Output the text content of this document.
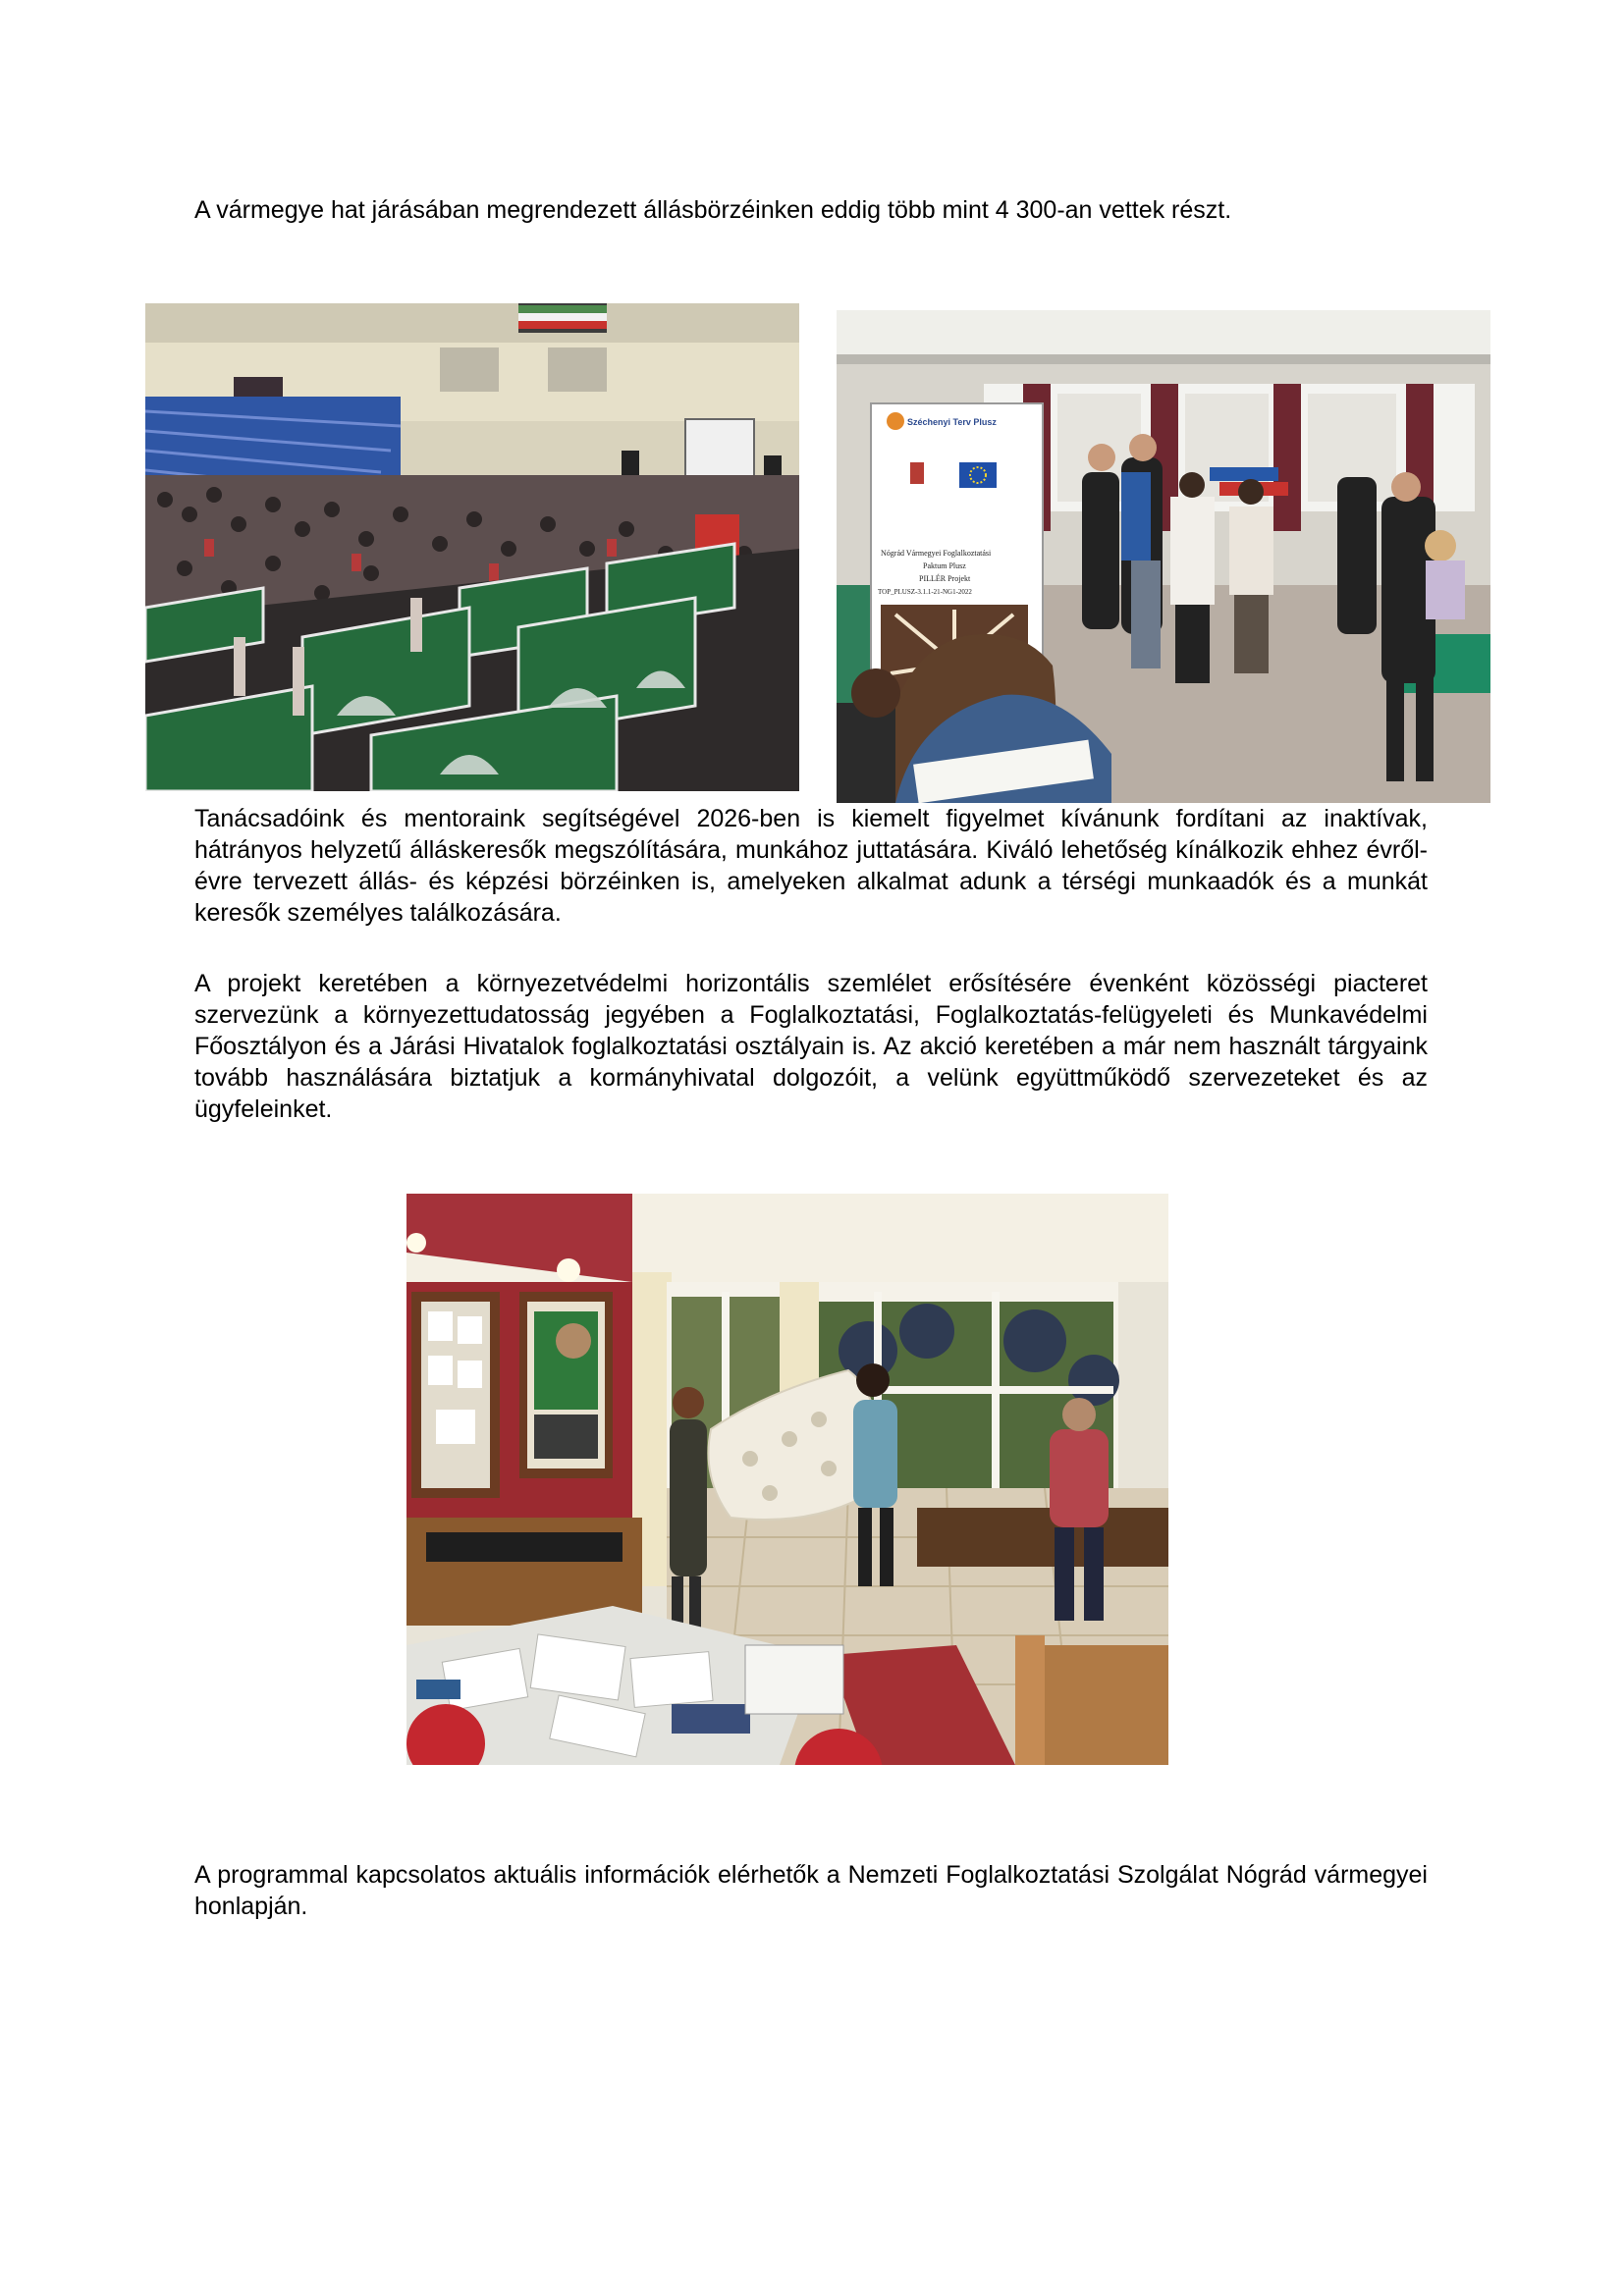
A vármegye hat járásában megrendezett állásbörzéinken eddig több mint 4 300-an vettek részt.

Széchenyi Terv Plusz
Nógrád Vármegyei Foglalkoztatási
Paktum Plusz
PILLÉR Projekt
TOP_PLUSZ-3.1.1-21-NG1-2022

Tanácsadóink és mentoraink segítségével 2026-ben is kiemelt figyelmet kívánunk fordítani az inaktívak, hátrányos helyzetű álláskeresők megszólítására, munkához juttatására. Kiváló lehetőség kínálkozik ehhez évről-évre tervezett állás- és képzési börzéinken is, amelyeken alkalmat adunk a térségi munkaadók és a munkát keresők személyes találkozására.

A projekt keretében a környezetvédelmi horizontális szemlélet erősítésére évenként közösségi piacteret szervezünk a környezettudatosság jegyében a Foglalkoztatási, Foglalkoztatás-felügyeleti és Munkavédelmi Főosztályon és a Járási Hivatalok foglalkoztatási osztályain is. Az akció keretében a már nem használt tárgyaink tovább használására biztatjuk a kormányhivatal dolgozóit, a velünk együttműködő szervezeteket és az ügyfeleinket.

A programmal kapcsolatos aktuális információk elérhetők a Nemzeti Foglalkoztatási Szolgálat Nógrád vármegyei honlapján.
